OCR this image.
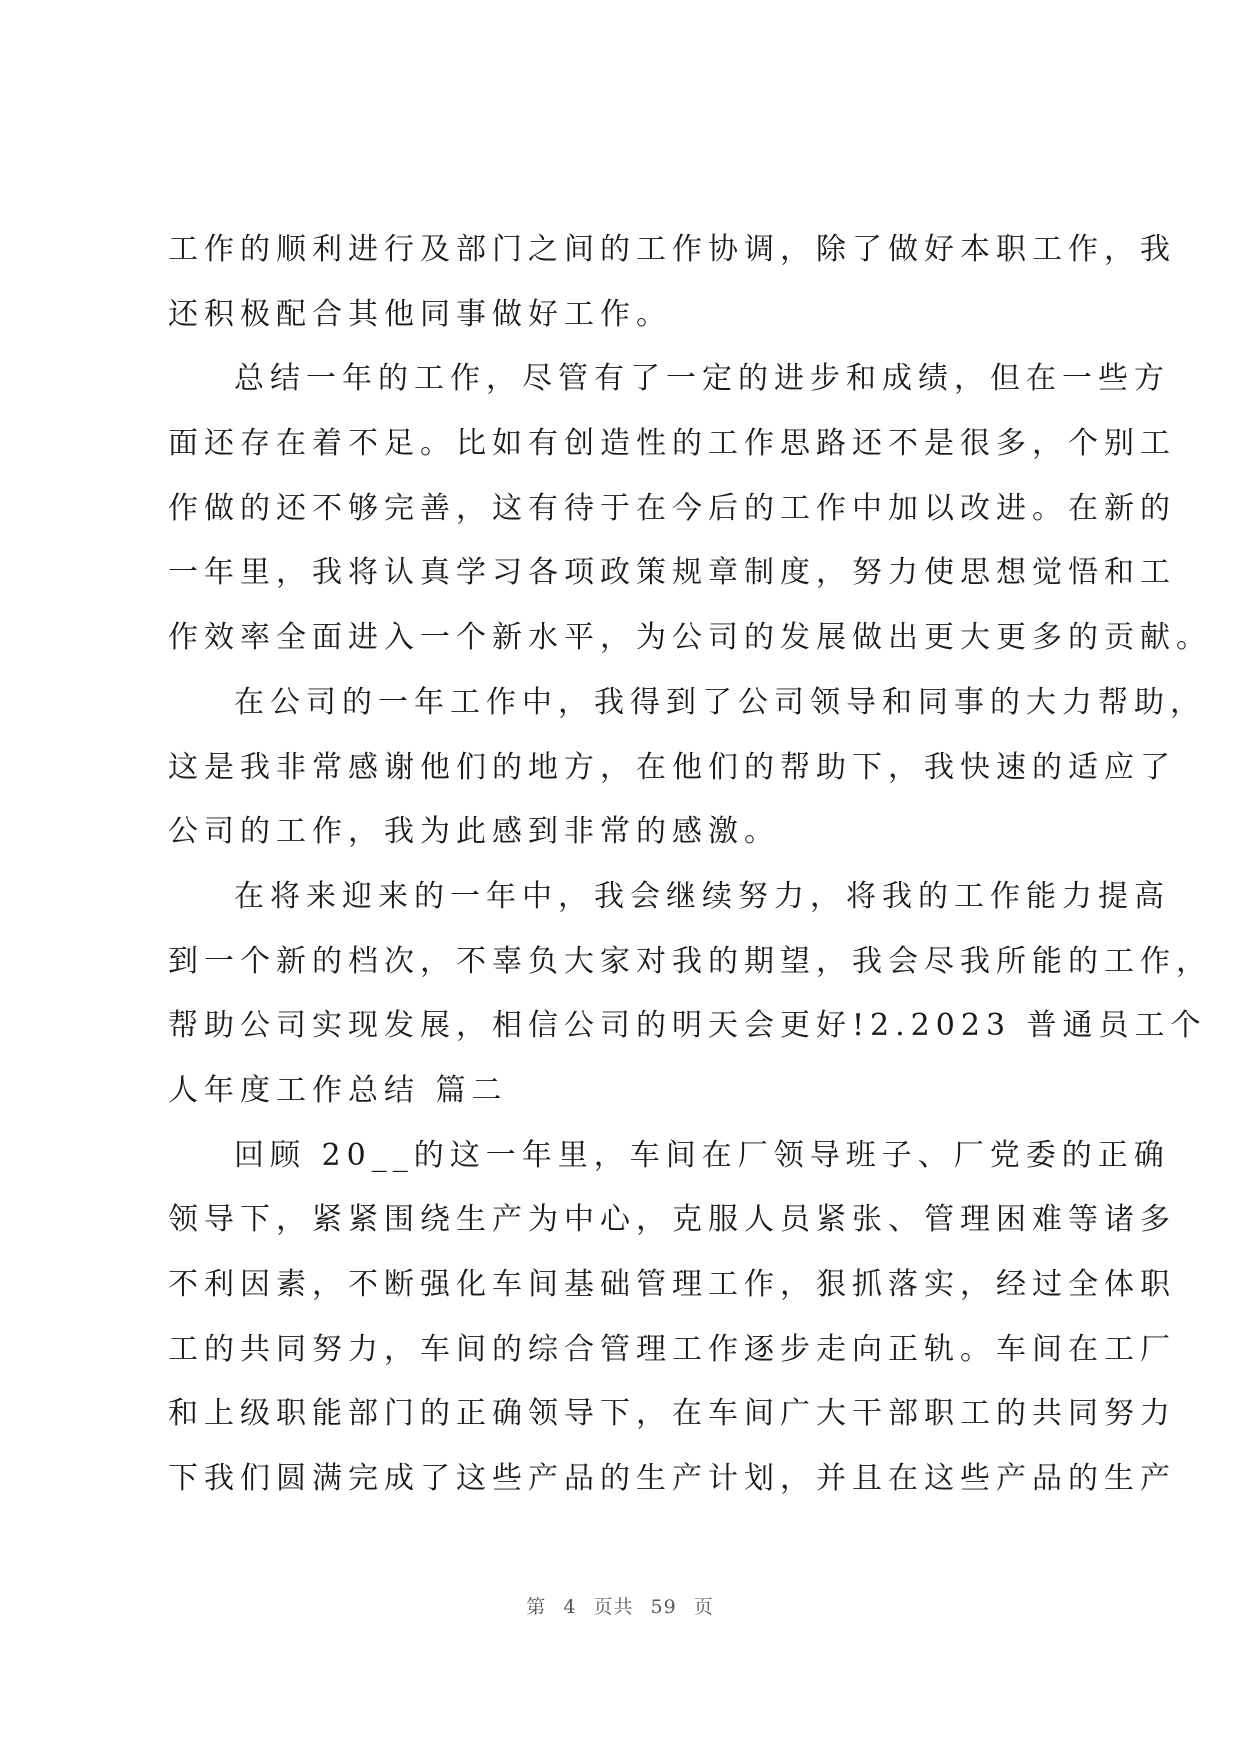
工作的顺利进行及部门之间的工作协调，除了做好本职工作，我
还积极配合其他同事做好工作。
总结一年的工作，尽管有了一定的进步和成绩，但在一些方
面还存在着不足。比如有创造性的工作思路还不是很多，个别工
作做的还不够完善，这有待于在今后的工作中加以改进。在新的
一年里，我将认真学习各项政策规章制度，努力使思想觉悟和工
作效率全面进入一个新水平，为公司的发展做出更大更多的贡献。
在公司的一年工作中，我得到了公司领导和同事的大力帮助，
这是我非常感谢他们的地方，在他们的帮助下，我快速的适应了
公司的工作，我为此感到非常的感激。
在将来迎来的一年中，我会继续努力，将我的工作能力提高
到一个新的档次，不辜负大家对我的期望，我会尽我所能的工作，
帮助公司实现发展，相信公司的明天会更好!2.2023 普通员工个
人年度工作总结 篇二
回顾 20__的这一年里，车间在厂领导班子、厂党委的正确
领导下，紧紧围绕生产为中心，克服人员紧张、管理困难等诸多
不利因素，不断强化车间基础管理工作，狠抓落实，经过全体职
工的共同努力，车间的综合管理工作逐步走向正轨。车间在工厂
和上级职能部门的正确领导下，在车间广大干部职工的共同努力
下我们圆满完成了这些产品的生产计划，并且在这些产品的生产
第 4 页共 59 页
